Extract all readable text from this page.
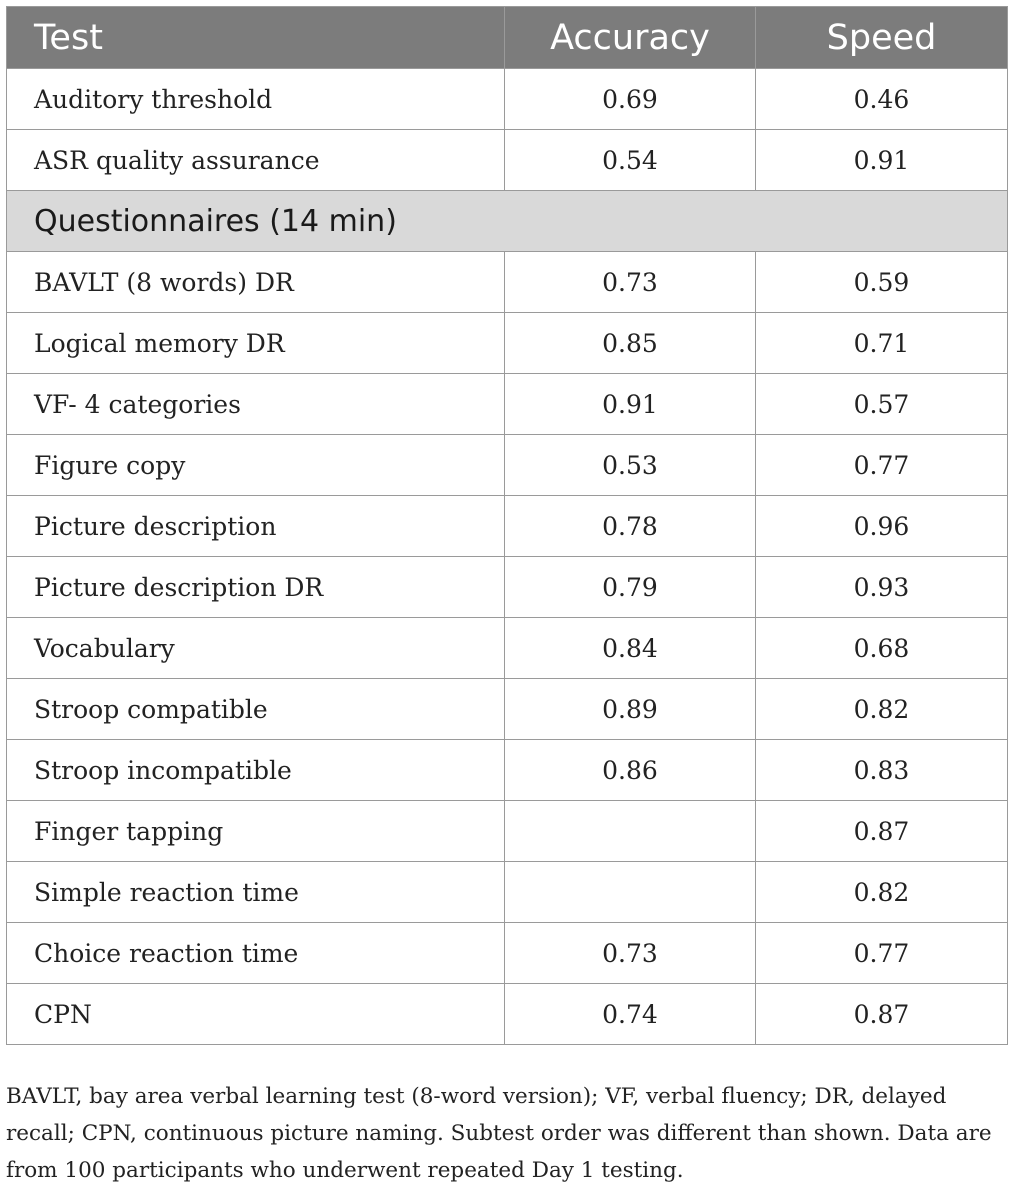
Test	Accuracy	Speed
Auditory threshold	0.69	0.46
ASR quality assurance	0.54	0.91
Questionnaires (14 min)		
BAVLT (8 words) DR	0.73	0.59
Logical memory DR	0.85	0.71
VF- 4 categories	0.91	0.57
Figure copy	0.53	0.77
Picture description	0.78	0.96
Picture description DR	0.79	0.93
Vocabulary	0.84	0.68
Stroop compatible	0.89	0.82
Stroop incompatible	0.86	0.83
Finger tapping		0.87
Simple reaction time		0.82
Choice reaction time	0.73	0.77
CPN	0.74	0.87
BAVLT, bay area verbal learning test (8-word version); VF, verbal fluency; DR, delayed recall; CPN, continuous picture naming. Subtest order was different than shown. Data are from 100 participants who underwent repeated Day 1 testing.
